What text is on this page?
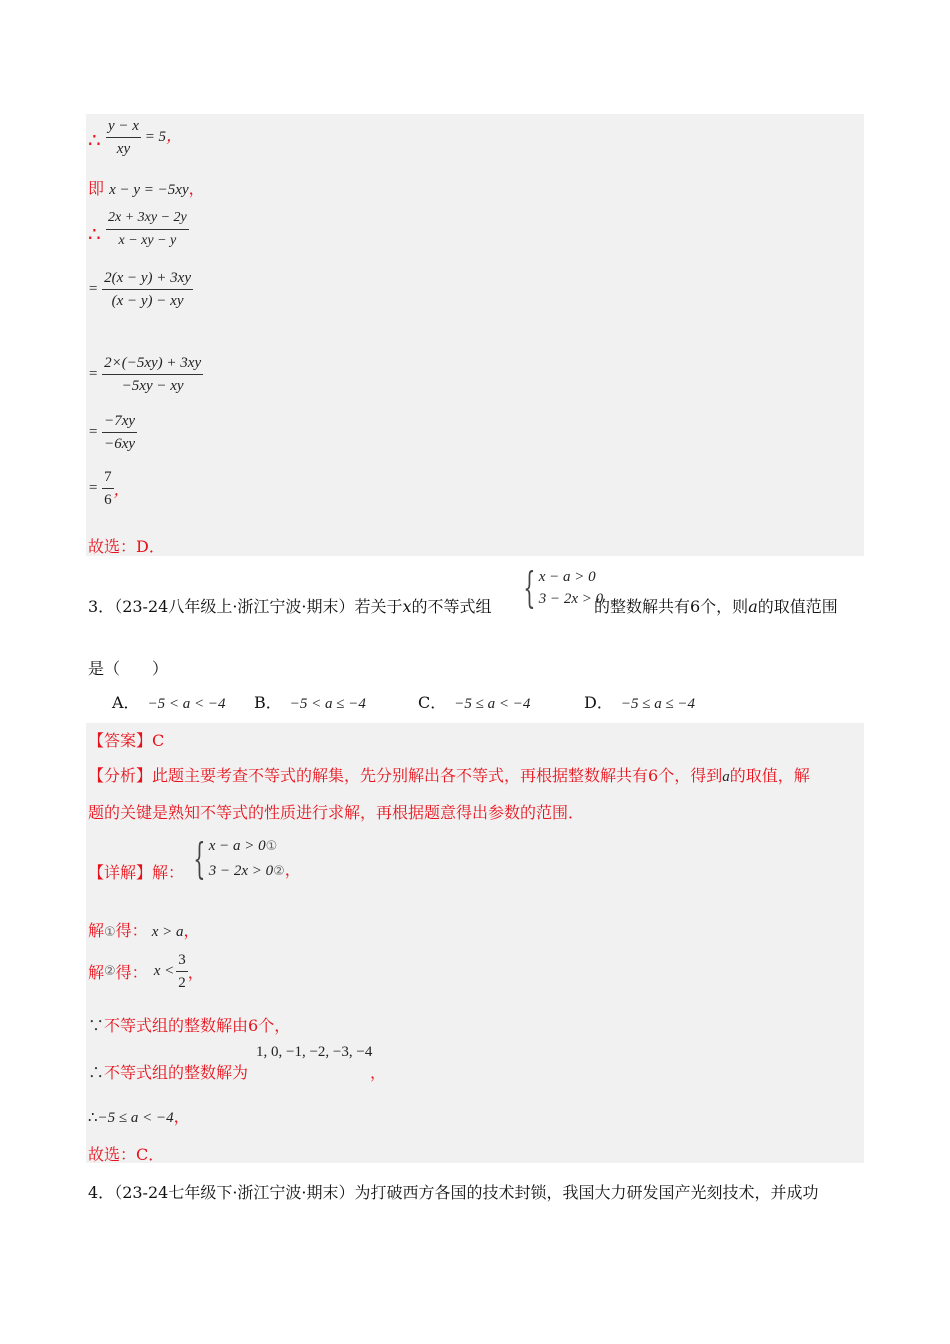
∴ $\frac{y - x}{xy} = 5$，
即 x − y = −5xy，
∴ $\frac{2x + 3xy - 2y}{x - xy - y}$
= $\frac{2(x - y) + 3xy}{(x - y) - xy}$
= $\frac{2\times(-5xy) + 3xy}{-5xy - xy}$
= $\frac{-7xy}{-6xy}$
= $\frac{7}{6}$ ，
故选：D．
3．（23-24八年级上·浙江宁波·期末）若关于x的不等式组 { x − a > 0
3 − 2x > 0
的整数解共有6个，则a的取值范围
是（　　）
A． −5 < a < −4 B． −5 < a ≤ −4	C． −5 ≤ a < −4	D． −5 ≤ a ≤ −4
【答案】C
【分析】此题主要考查不等式的解集，先分别解出各不等式，再根据整数解共有6个，得到a的取值，解
题的关键是熟知不等式的性质进行求解，再根据题意得出参数的范围．
【详解】解： { x − a > 0①
3 − 2x > 0②，
解①得： x > a，
解 ② 得： $x < \frac{3}{2}$ ，
∵不等式组的整数解由6个，
∴不等式组的整数解为
1, 0, −1, −2, −3, −4
，
∴−5 ≤ a < −4，
故选：C．
4．（23-24七年级下·浙江宁波·期末）为打破西方各国的技术封锁，我国大力研发国产光刻技术，并成功
